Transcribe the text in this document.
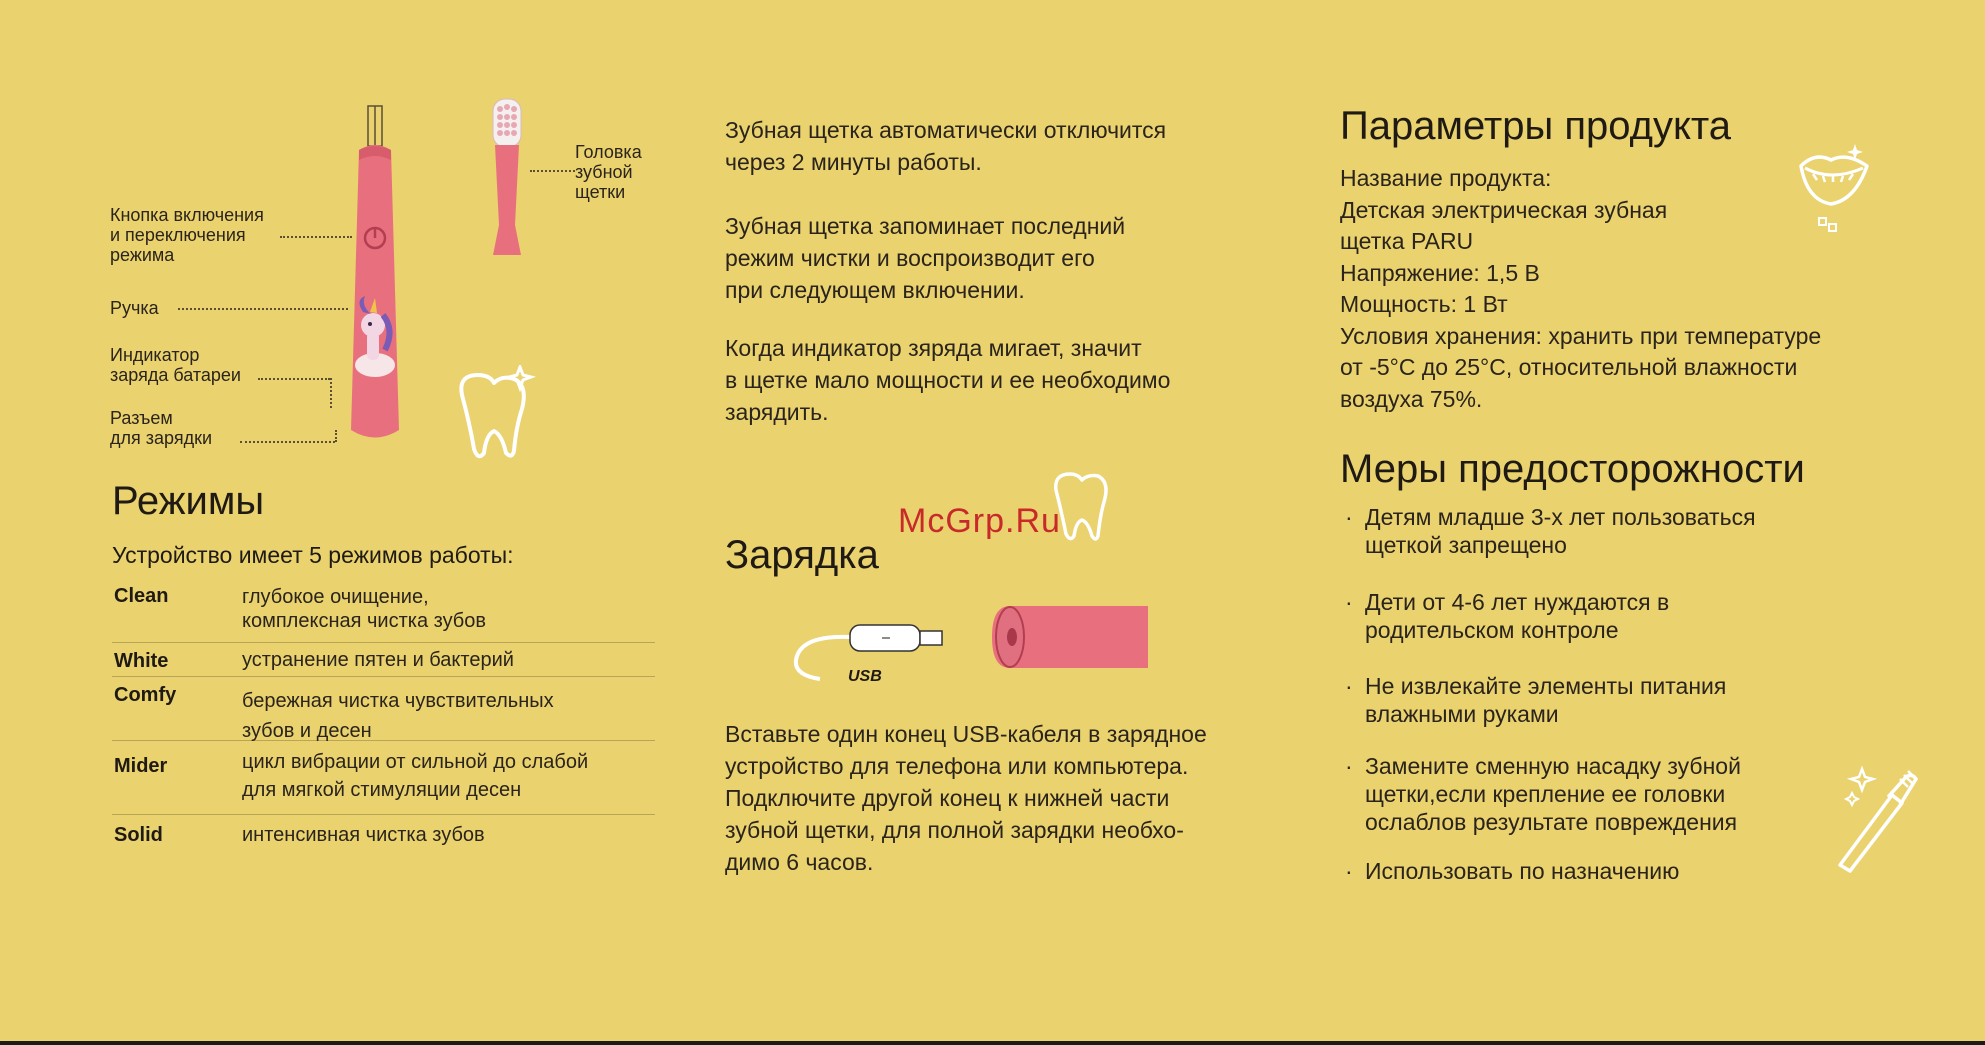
Кнопка включения
и переключения
режима
Ручка
Индикатор
заряда батареи
Разъем
для зарядки
Головка
зубной
щетки
Режимы
Устройство имеет 5 режимов работы:
Clean	глубокое очищение,
комплексная чистка зубов
White	устранение пятен и бактерий
Comfy	бережная чистка чувствительных
зубов и десен
Mider	цикл вибрации от сильной до слабой
для мягкой стимуляции десен
Solid	интенсивная чистка зубов
Зубная щетка автоматически отключится
через 2 минуты работы.
Зубная щетка запоминает последний
режим чистки и воспроизводит его
при следующем включении.
Когда индикатор зяряда мигает, значит
в щетке мало мощности и ее необходимо
зарядить.
McGrp.Ru
Зарядка
USB
Вставьте один конец USB-кабеля в зарядное
устройство для телефона или компьютера.
Подключите другой конец к нижней части
зубной щетки, для полной зарядки необхо-
димо 6 часов.
Параметры продукта
Название продукта:
Детская электрическая зубная
щетка PARU
Напряжение: 1,5 В
Мощность: 1 Вт
Условия хранения: хранить при температуре
от -5°С до 25°С, относительной влажности
воздуха 75%.
Меры предосторожности
· Детям младше 3-х лет пользоваться
щеткой запрещено
· Дети от 4-6 лет нуждаются в
родительском контроле
· Не извлекайте элементы питания
влажными руками
· Замените сменную насадку зубной
щетки,если крепление ее головки
ослаблов результате повреждения
· Использовать по назначению
